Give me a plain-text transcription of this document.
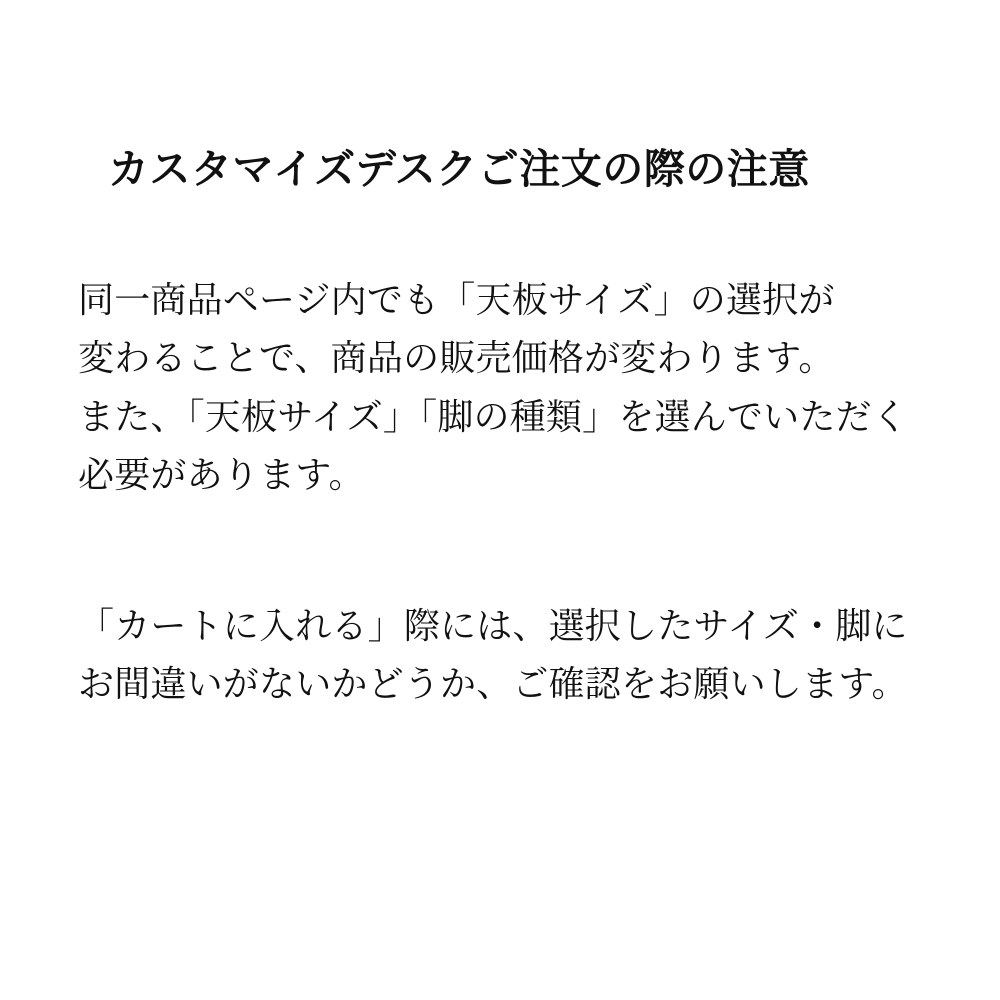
カスタマイズデスクご注文の際の注意
同一商品ページ内でも「天板サイズ」の選択が
変わることで、商品の販売価格が変わります。
また、「天板サイズ」「脚の種類」を選んでいただく
必要があります。
「カートに入れる」際には、選択したサイズ・脚に
お間違いがないかどうか、ご確認をお願いします。
